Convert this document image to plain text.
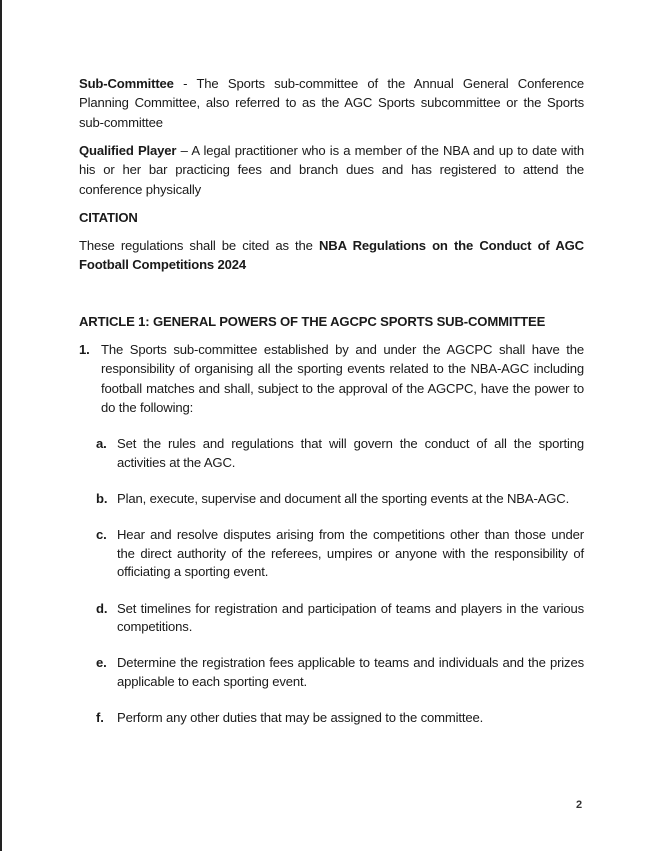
Sub-Committee - The Sports sub-committee of the Annual General Conference Planning Committee, also referred to as the AGC Sports subcommittee or the Sports sub-committee

Qualified Player – A legal practitioner who is a member of the NBA and up to date with his or her bar practicing fees and branch dues and has registered to attend the conference physically

CITATION

These regulations shall be cited as the NBA Regulations on the Conduct of AGC Football Competitions 2024

ARTICLE 1: GENERAL POWERS OF THE AGCPC SPORTS SUB-COMMITTEE

1. The Sports sub-committee established by and under the AGCPC shall have the responsibility of organising all the sporting events related to the NBA-AGC including football matches and shall, subject to the approval of the AGCPC, have the power to do the following:
a. Set the rules and regulations that will govern the conduct of all the sporting activities at the AGC.
b. Plan, execute, supervise and document all the sporting events at the NBA-AGC.
c. Hear and resolve disputes arising from the competitions other than those under the direct authority of the referees, umpires or anyone with the responsibility of officiating a sporting event.
d. Set timelines for registration and participation of teams and players in the various competitions.
e. Determine the registration fees applicable to teams and individuals and the prizes applicable to each sporting event.
f. Perform any other duties that may be assigned to the committee.
2
